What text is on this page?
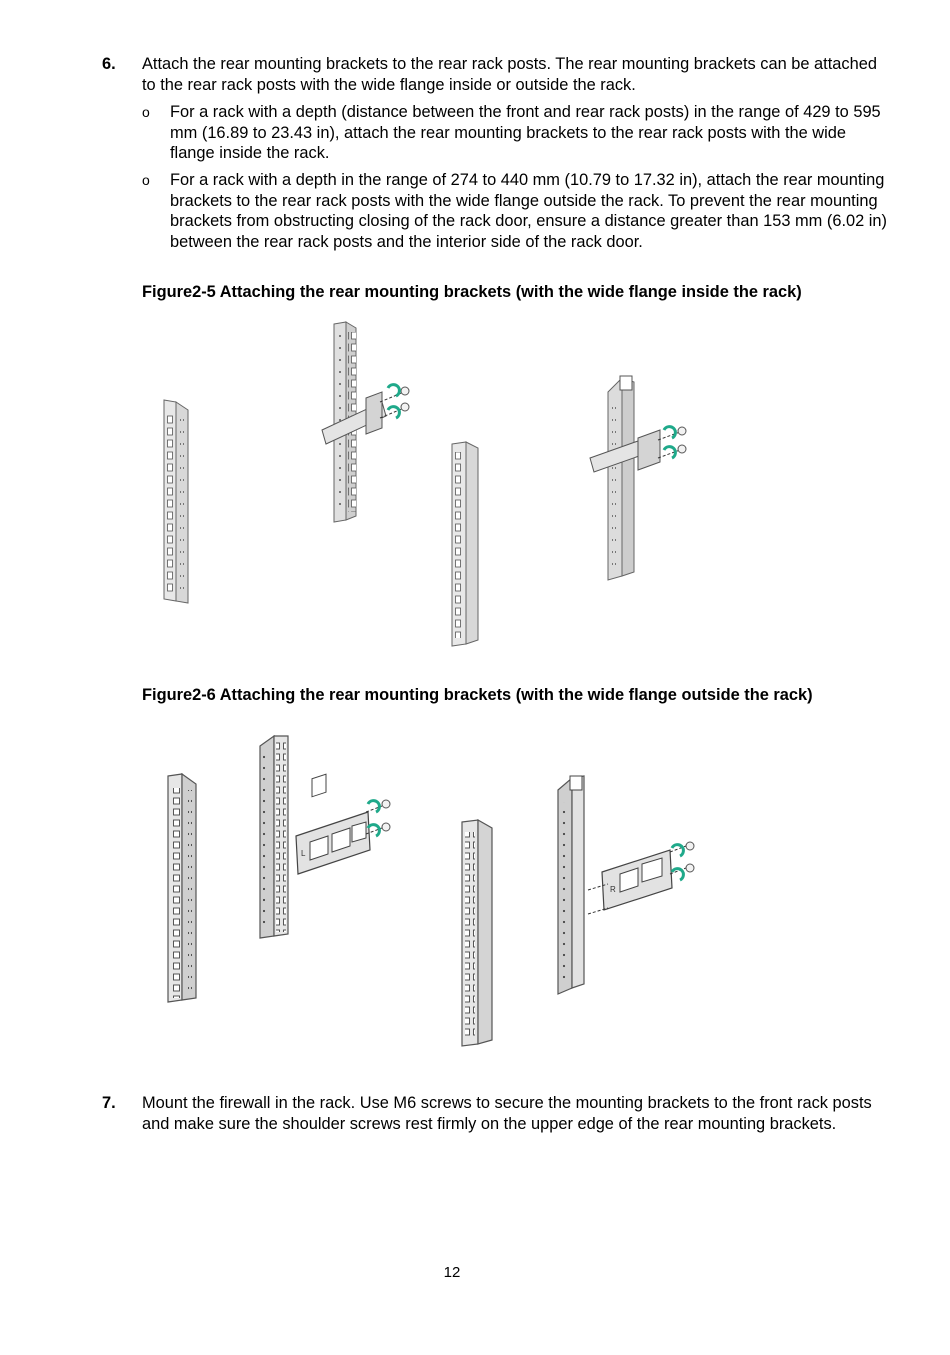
6. Attach the rear mounting brackets to the rear rack posts. The rear mounting brackets can be attached to the rear rack posts with the wide flange inside or outside the rack.
o For a rack with a depth (distance between the front and rear rack posts) in the range of 429 to 595 mm (16.89 to 23.43 in), attach the rear mounting brackets to the rear rack posts with the wide flange inside the rack.
o For a rack with a depth in the range of 274 to 440 mm (10.79 to 17.32 in), attach the rear mounting brackets to the rear rack posts with the wide flange outside the rack. To prevent the rear mounting brackets from obstructing closing of the rack door, ensure a distance greater than 153 mm (6.02 in) between the rear rack posts and the interior side of the rack door.
Figure2-5 Attaching the rear mounting brackets (with the wide flange inside the rack)
Figure2-6 Attaching the rear mounting brackets (with the wide flange outside the rack)
L
R
7. Mount the firewall in the rack. Use M6 screws to secure the mounting brackets to the front rack posts and make sure the shoulder screws rest firmly on the upper edge of the rear mounting brackets.
12
